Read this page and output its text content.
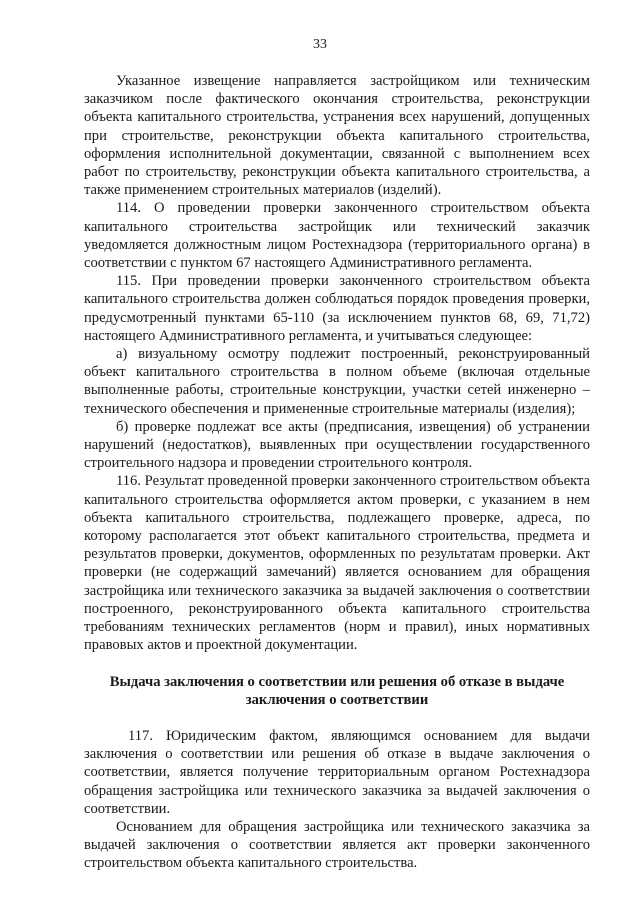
33

Указанное извещение направляется застройщиком или техническим заказчиком после фактического окончания строительства, реконструкции объекта капитального строительства, устранения всех нарушений, допущенных при строительстве, реконструкции объекта капитального строительства, оформления исполнительной документации, связанной с выполнением всех работ по строительству, реконструкции объекта капитального строительства, а также применением строительных материалов (изделий).

114. О проведении проверки законченного строительством объекта капитального строительства застройщик или технический заказчик уведомляется должностным лицом Ростехнадзора (территориального органа) в соответствии с пунктом 67 настоящего Административного регламента.

115. При проведении проверки законченного строительством объекта капитального строительства должен соблюдаться порядок проведения проверки, предусмотренный пунктами 65-110 (за исключением пунктов 68, 69, 71,72) настоящего Административного регламента, и учитываться следующее:

а) визуальному осмотру подлежит построенный, реконструированный объект капитального строительства в полном объеме (включая отдельные выполненные работы, строительные конструкции, участки сетей инженерно – технического обеспечения и примененные строительные материалы (изделия);

б) проверке подлежат все акты (предписания, извещения) об устранении нарушений (недостатков), выявленных при осуществлении государственного строительного надзора и проведении строительного контроля.

116. Результат проведенной проверки законченного строительством объекта капитального строительства оформляется актом проверки, с указанием в нем объекта капитального строительства, подлежащего проверке, адреса, по которому располагается этот объект капитального строительства, предмета и результатов проверки, документов, оформленных по результатам проверки. Акт проверки (не содержащий замечаний) является основанием для обращения застройщика или технического заказчика за выдачей заключения о соответствии построенного, реконструированного объекта капитального строительства требованиям технических регламентов (норм и правил), иных нормативных правовых актов и проектной документации.

Выдача заключения о соответствии или решения об отказе в выдаче
заключения о соответствии

117. Юридическим фактом, являющимся основанием для выдачи заключения о соответствии или решения об отказе в выдаче заключения о соответствии, является получение территориальным органом Ростехнадзора обращения застройщика или технического заказчика за выдачей заключения о соответствии.

Основанием для обращения застройщика или технического заказчика за выдачей заключения о соответствии является акт проверки законченного строительством объекта капитального строительства.
